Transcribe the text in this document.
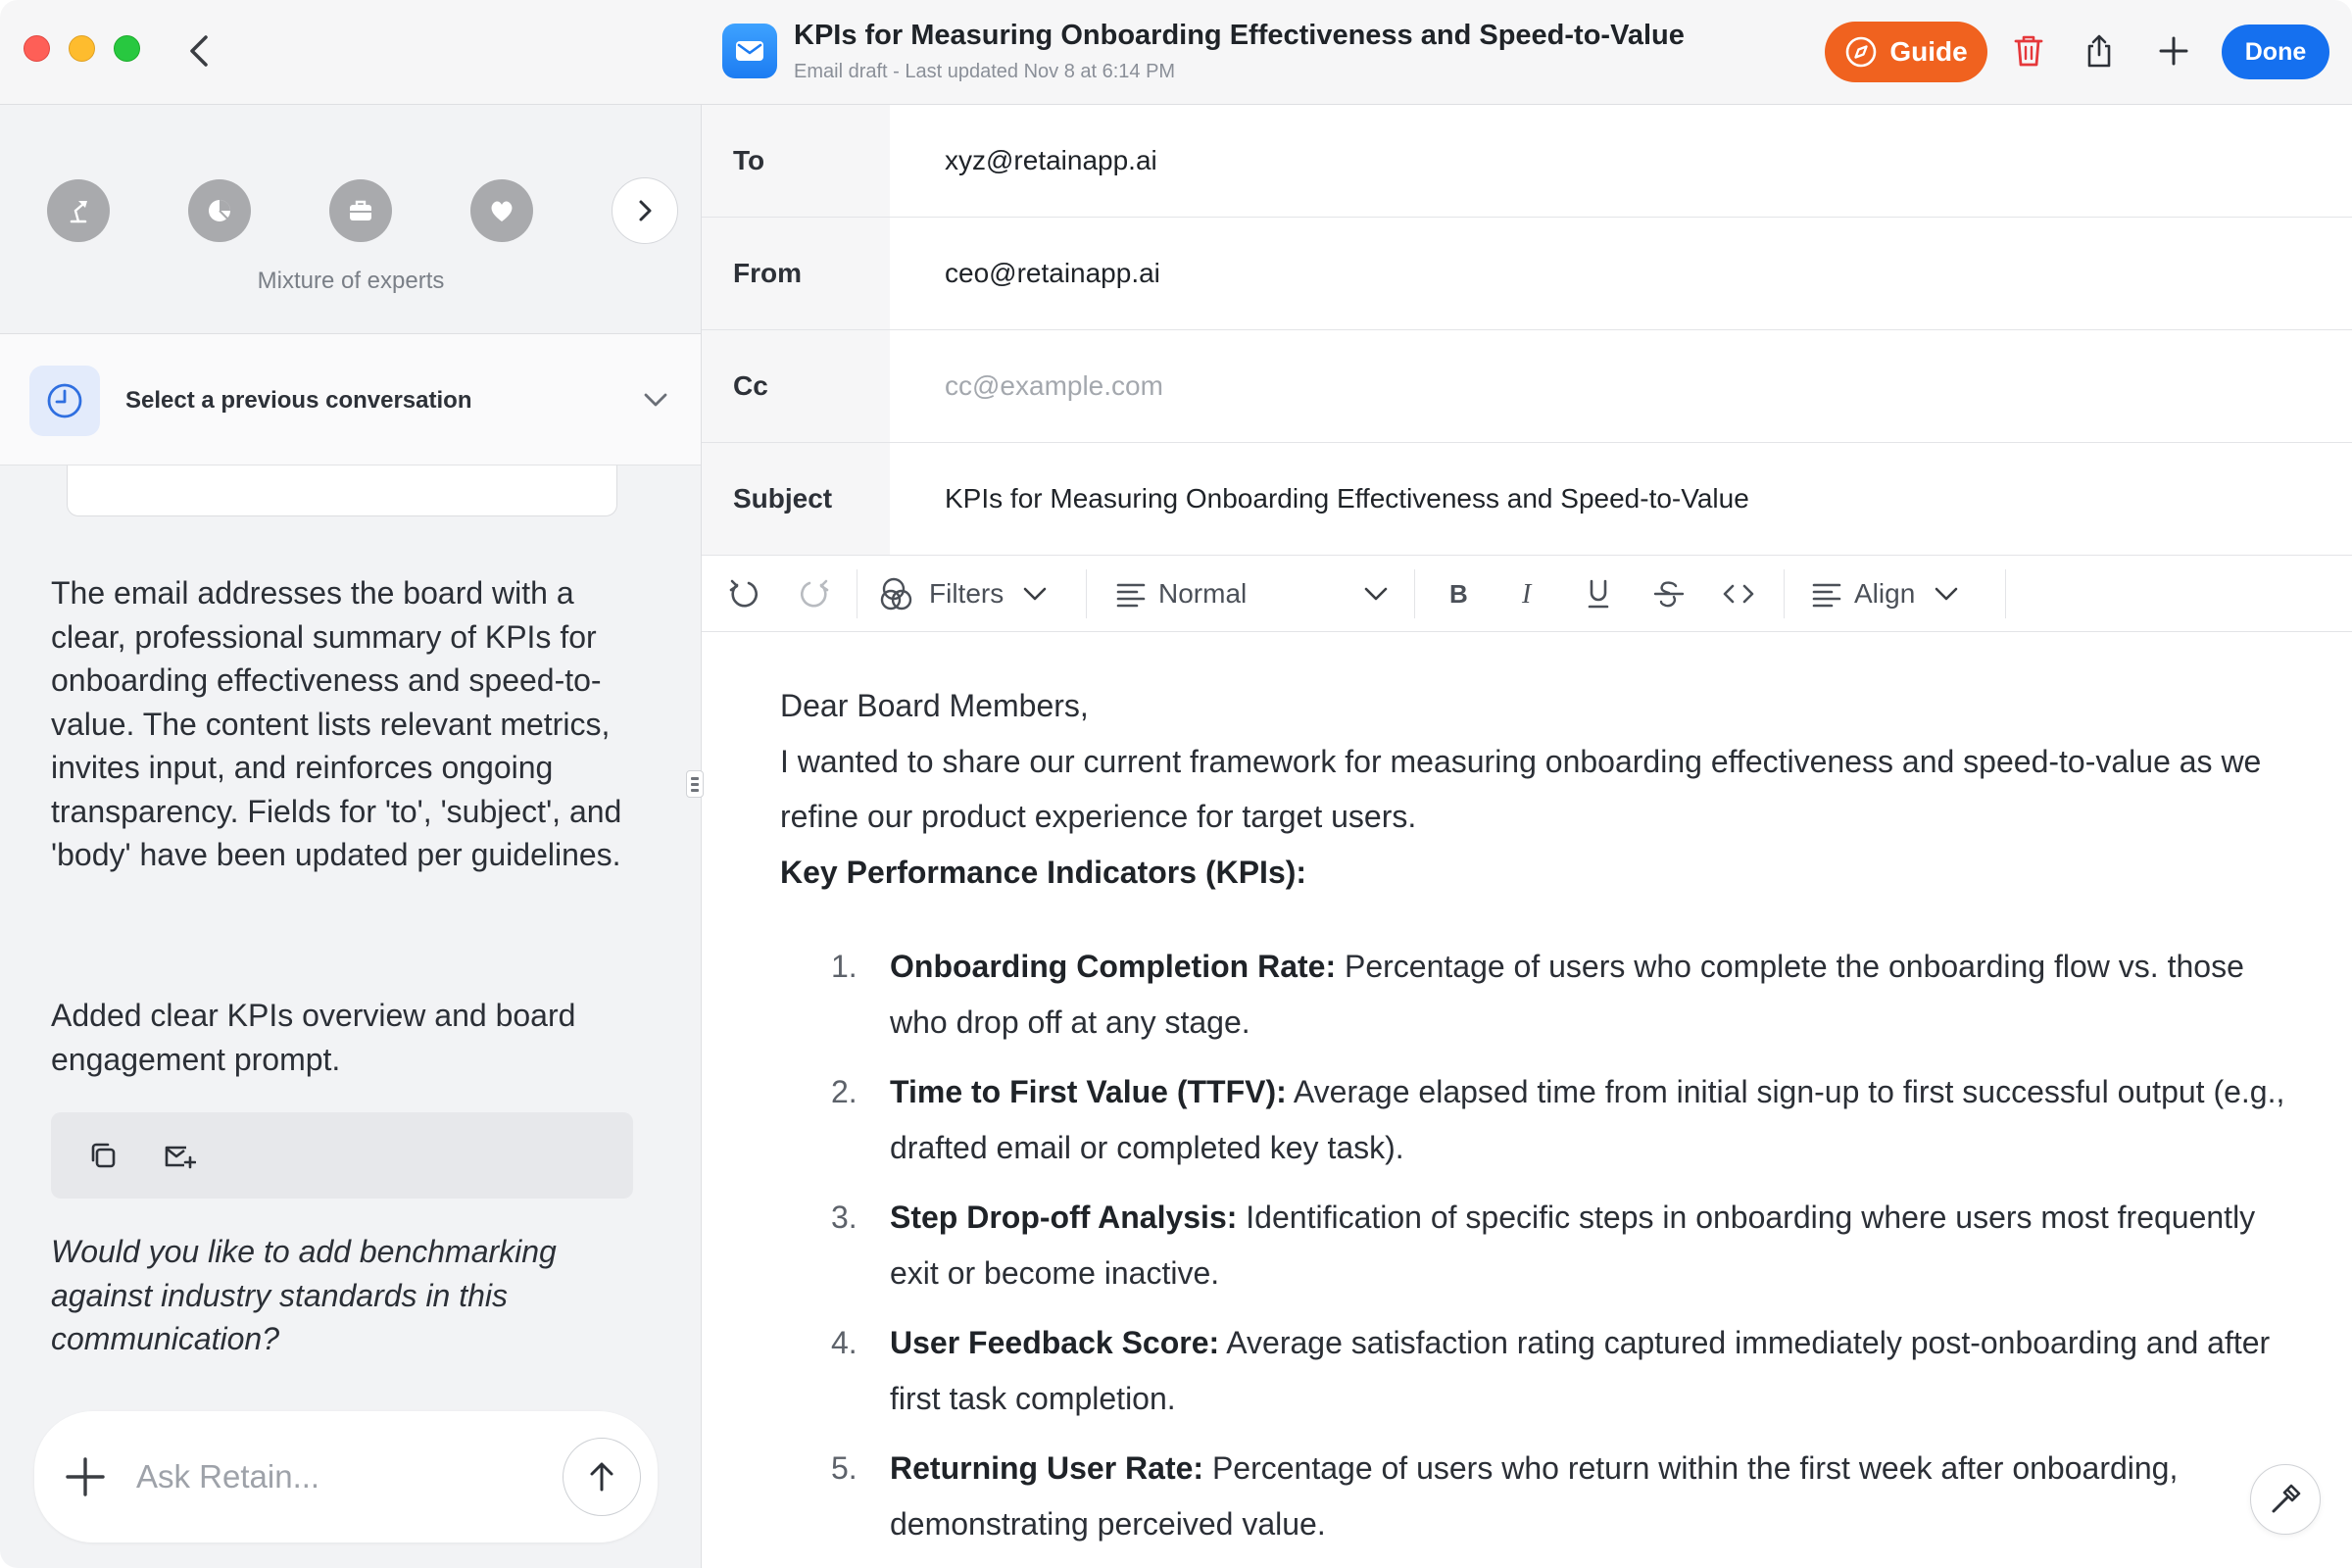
KPIs for Measuring Onboarding Effectiveness and Speed-to-Value
Email draft - Last updated Nov 8 at 6:14 PM
Guide	Done
Mixture of experts
Select a previous conversation
The email addresses the board with a clear, professional summary of KPIs for onboarding effectiveness and speed-to-value. The content lists relevant metrics, invites input, and reinforces ongoing transparency. Fields for 'to', 'subject', and 'body' have been updated per guidelines.
Added clear KPIs overview and board engagement prompt.
Would you like to add benchmarking against industry standards in this communication?
Ask Retain...
To
xyz@retainapp.ai
From
ceo@retainapp.ai
Cc
cc@example.com
Subject
KPIs for Measuring Onboarding Effectiveness and Speed-to-Value
Filters	Normal	B I	Align

Dear Board Members,

I wanted to share our current framework for measuring onboarding effectiveness and speed-to-value as we refine our product experience for target users.

Key Performance Indicators (KPIs):

1. Onboarding Completion Rate: Percentage of users who complete the onboarding flow vs. those who drop off at any stage.
2. Time to First Value (TTFV): Average elapsed time from initial sign-up to first successful output (e.g., drafted email or completed key task).
3. Step Drop-off Analysis: Identification of specific steps in onboarding where users most frequently exit or become inactive.
4. User Feedback Score: Average satisfaction rating captured immediately post-onboarding and after first task completion.
5. Returning User Rate: Percentage of users who return within the first week after onboarding, demonstrating perceived value.
